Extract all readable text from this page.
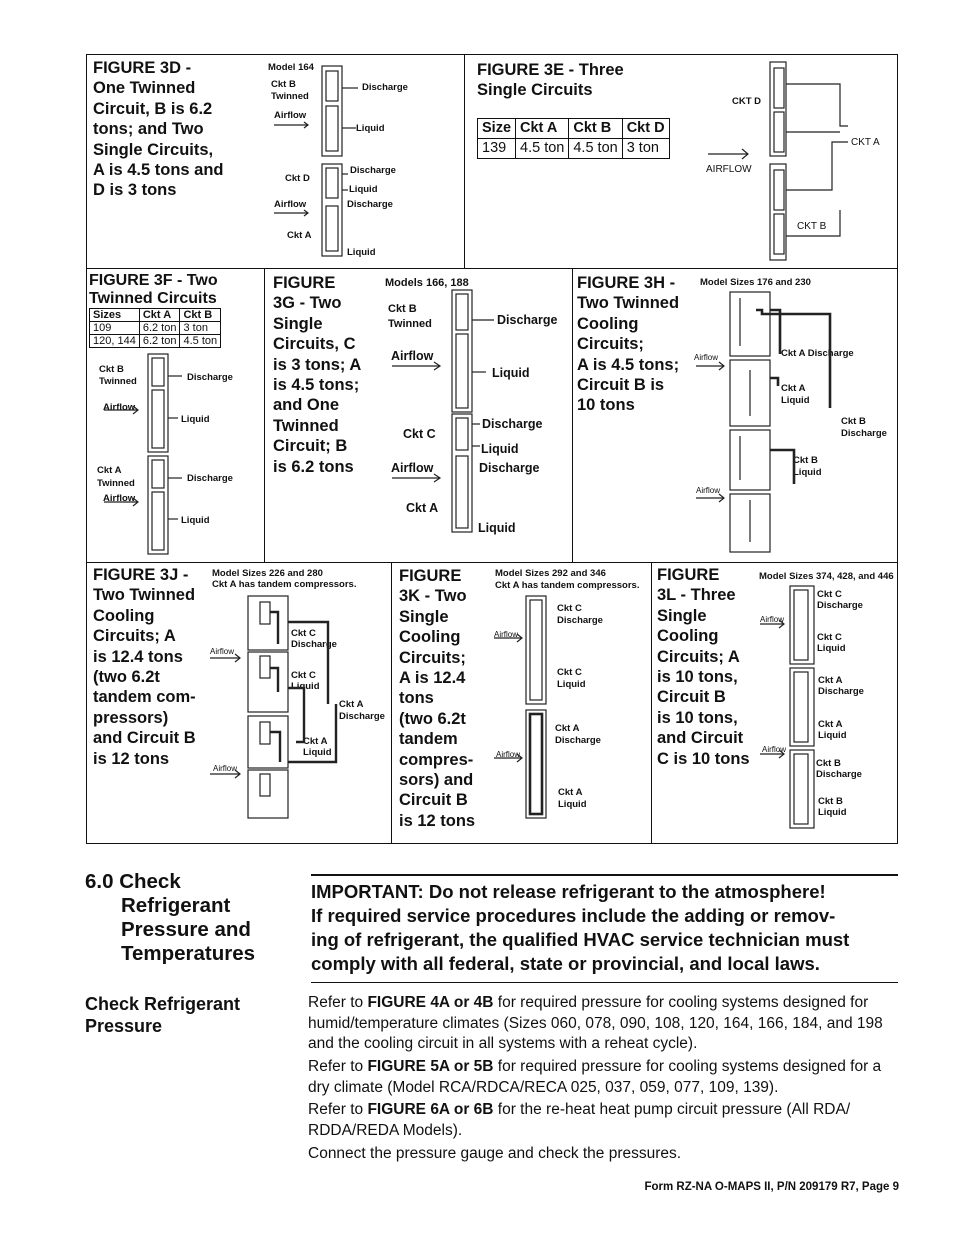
FIGURE 3D -
One Twinned
Circuit, B is 6.2
tons; and Two
Single Circuits,
A is 4.5 tons and
D is 3 tons
Model 164
Ckt B
Twinned
Airflow
Discharge
Liquid
Ckt D
Discharge
Liquid
Airflow	Discharge
Ckt A
Liquid
FIGURE 3E - Three
Single Circuits
Size	Ckt A	Ckt B	Ckt D
139	4.5 ton	4.5 ton	3 ton
CKT D
CKT A
CKT B
AIRFLOW
FIGURE 3F - Two
Twinned Circuits
Sizes	Ckt A	Ckt B
109	6.2 ton	3 ton
120, 144	6.2 ton	4.5 ton
Ckt B
Twinned
Airflow
Discharge
Liquid
Ckt A
Twinned
Airflow
Discharge
Liquid
FIGURE
3G - Two
Single
Circuits, C
is 3 tons; A
is 4.5 tons;
and One
Twinned
Circuit; B
is 6.2 tons
Models 166, 188
Ckt B
Twinned
Airflow
Discharge
Liquid
Ckt C
Discharge
Liquid
Airflow	Discharge
Ckt A
Liquid
FIGURE 3H -
Two Twinned
Cooling
Circuits;
A is 4.5 tons;
Circuit B is
10 tons
Model Sizes 176 and 230
Airflow
Airflow
Ckt A Discharge
Ckt A
Liquid
Ckt B
Discharge
Ckt B
Liquid
FIGURE 3J -
Two Twinned
Cooling
Circuits; A
is 12.4 tons
(two 6.2t
tandem com-
pressors)
and Circuit B
is 12 tons
Model Sizes 226 and 280
Ckt A has tandem compressors.
Airflow
Airflow
Ckt C
Discharge
Ckt C
Liquid
Ckt A
Discharge
Ckt A
Liquid
FIGURE
3K - Two
Single
Cooling
Circuits;
A is 12.4
tons
(two 6.2t
tandem
compres-
sors) and
Circuit B
is 12 tons
Model Sizes 292 and 346
Ckt A has tandem compressors.
Airflow
Airflow
Ckt C
Discharge
Ckt C
Liquid
Ckt A
Discharge
Ckt A
Liquid
FIGURE
3L - Three
Single
Cooling
Circuits; A
is 10 tons,
Circuit B
is 10 tons,
and Circuit
C is 10 tons
Model Sizes 374, 428, and 446
Airflow
Airflow
Ckt C
Discharge
Ckt C
Liquid
Ckt A
Discharge
Ckt A
Liquid
Ckt B
Discharge
Ckt B
Liquid
6.0 Check
Refrigerant
Pressure and
Temperatures

IMPORTANT: Do not release refrigerant to the atmosphere!
If required service procedures include the adding or remov-
ing of refrigerant, the qualified HVAC service technician must
comply with all federal, state or provincial, and local laws.

Check Refrigerant
Pressure

Refer to FIGURE 4A or 4B for required pressure for cooling systems designed for humid/temperature climates (Sizes 060, 078, 090, 108, 120, 164, 166, 184, and 198 and the cooling circuit in all systems with a reheat cycle).

Refer to FIGURE 5A or 5B for required pressure for cooling systems designed for a dry climate (Model RCA/RDCA/RECA 025, 037, 059, 077, 109, 139).

Refer to FIGURE 6A or 6B for the re-heat heat pump circuit pressure (All RDA/ RDDA/REDA Models).

Connect the pressure gauge and check the pressures.

Form RZ-NA O-MAPS II, P/N 209179 R7, Page 9
